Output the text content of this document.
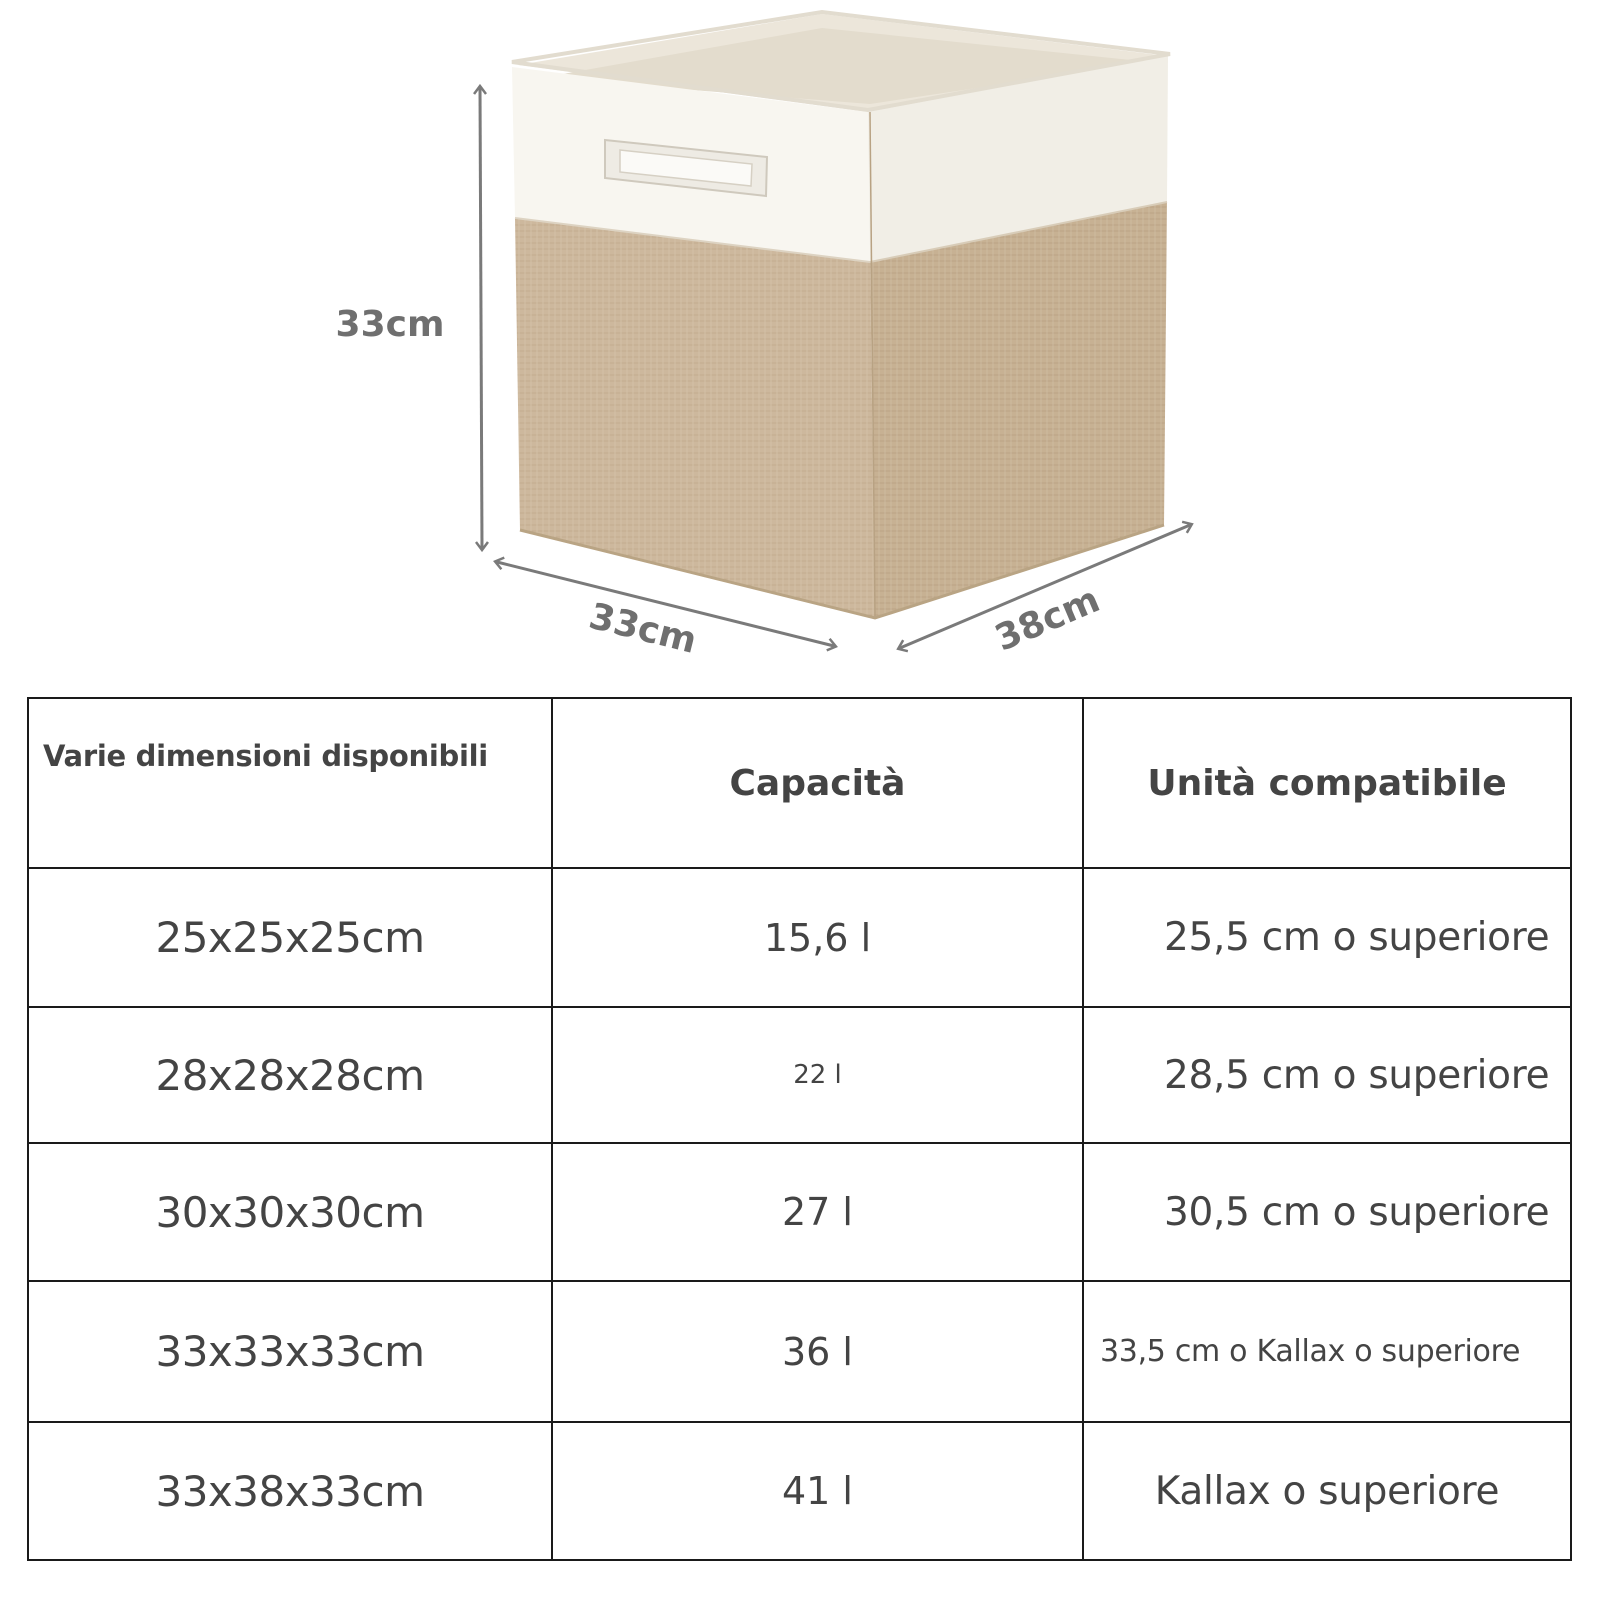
33cm
33cm	38cm
Varie dimensioni disponibili	Capacità	Unità compatibile
25x25x25cm	15,6 l	25,5 cm o superiore
28x28x28cm	22 l	28,5 cm o superiore
30x30x30cm	27 l	30,5 cm o superiore
33x33x33cm	36 l	33,5 cm o Kallax o superiore
33x38x33cm	41 l	Kallax o superiore
